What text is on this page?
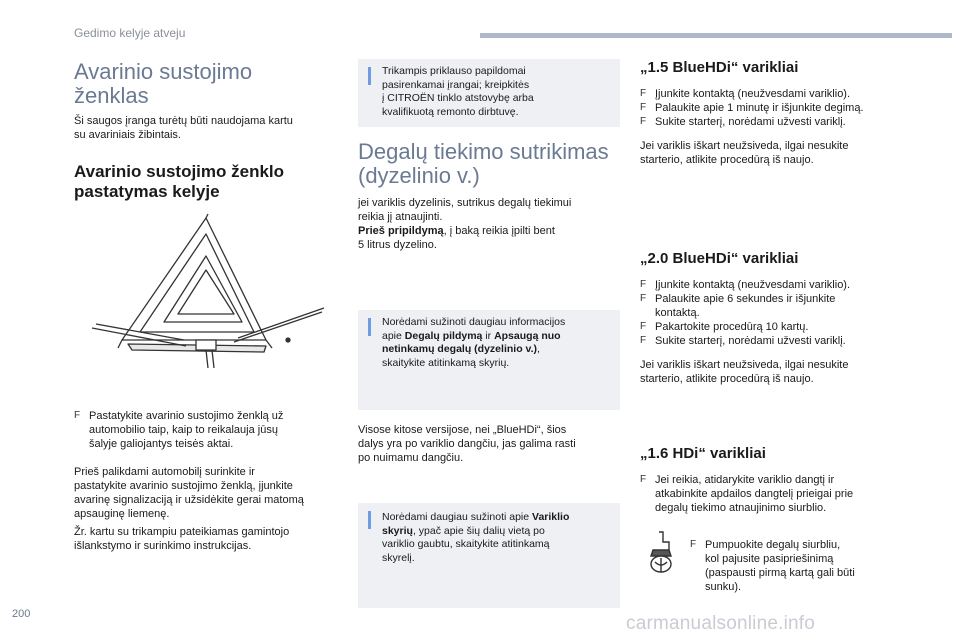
Gedimo kelyje atveju
Avarinio sustojimo
ženklas
Ši saugos įranga turėtų būti naudojama kartu
su avariniais žibintais.
Avarinio sustojimo ženklo
pastatymas kelyje
F Pastatykite avarinio sustojimo ženklą už
automobilio taip, kaip to reikalauja jūsų
šalyje galiojantys teisės aktai.
Prieš palikdami automobilį surinkite ir
pastatykite avarinio sustojimo ženklą, įjunkite
avarinę signalizaciją ir užsidėkite gerai matomą
apsauginę liemenę.
Žr. kartu su trikampiu pateikiamas gamintojo
išlankstymo ir surinkimo instrukcijas.
Trikampis priklauso papildomai
pasirenkamai įrangai; kreipkitės
į CITROËN tinklo atstovybę arba
kvalifikuotą remonto dirbtuvę.
Degalų tiekimo sutrikimas
(dyzelinio v.)
jei variklis dyzelinis, sutrikus degalų tiekimui
reikia jį atnaujinti.
Prieš pripildymą, į baką reikia įpilti bent
5 litrus dyzelino.
Norėdami sužinoti daugiau informacijos
apie Degalų pildymą ir Apsaugą nuo
netinkamų degalų (dyzelinio v.),
skaitykite atitinkamą skyrių.
Visose kitose versijose, nei „BlueHDi“, šios
dalys yra po variklio dangčiu, jas galima rasti
po nuimamu dangčiu.
Norėdami daugiau sužinoti apie Variklio
skyrių, ypač apie šių dalių vietą po
variklio gaubtu, skaitykite atitinkamą
skyrelį.
„1.5 BlueHDi“ varikliai
F Įjunkite kontaktą (neužvesdami variklio).
F Palaukite apie 1 minutę ir išjunkite degimą.
F Sukite starterį, norėdami užvesti variklį.
Jei variklis iškart neužsiveda, ilgai nesukite
starterio, atlikite procedūrą iš naujo.
„2.0 BlueHDi“ varikliai
F Įjunkite kontaktą (neužvesdami variklio).
F Palaukite apie 6 sekundes ir išjunkite
kontaktą.
F Pakartokite procedūrą 10 kartų.
F Sukite starterį, norėdami užvesti variklį.
Jei variklis iškart neužsiveda, ilgai nesukite
starterio, atlikite procedūrą iš naujo.
„1.6 HDi“ varikliai
F Jei reikia, atidarykite variklio dangtį ir
atkabinkite apdailos dangtelį prieigai prie
degalų tiekimo atnaujinimo siurblio.
F Pumpuokite degalų siurbliu,
kol pajusite pasipriešinimą
(paspausti pirmą kartą gali būti
sunku).
200	carmanualsonline.info
